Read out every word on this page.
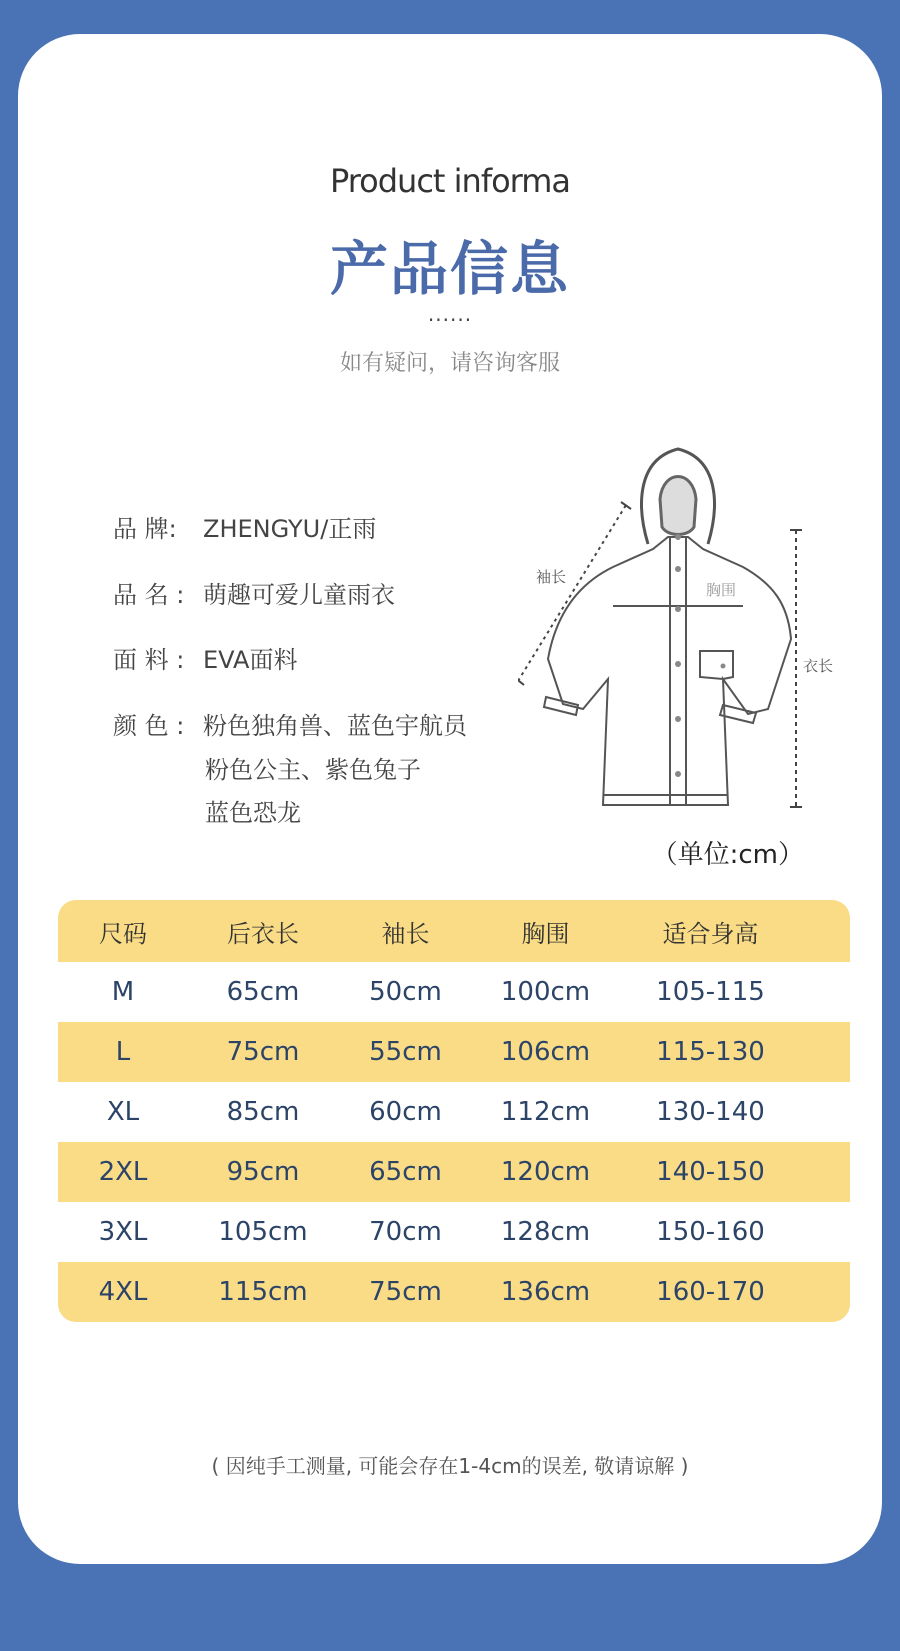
Product informa
产品信息
......
如有疑问，请咨询客服
品 牌: ZHENGYU/正雨
品 名 : 萌趣可爱儿童雨衣
面 料 : EVA面料
颜 色 : 粉色独角兽、蓝色宇航员
粉色公主、紫色兔子
蓝色恐龙
袖长
胸围
衣长
（单位:cm）
尺码	后衣长	袖长	胸围	适合身高
M	65cm	50cm	100cm	105-115
L	75cm	55cm	106cm	115-130
XL	85cm	60cm	112cm	130-140
2XL	95cm	65cm	120cm	140-150
3XL	105cm	70cm	128cm	150-160
4XL	115cm	75cm	136cm	160-170
( 因纯手工测量, 可能会存在1-4cm的误差, 敬请谅解 )
